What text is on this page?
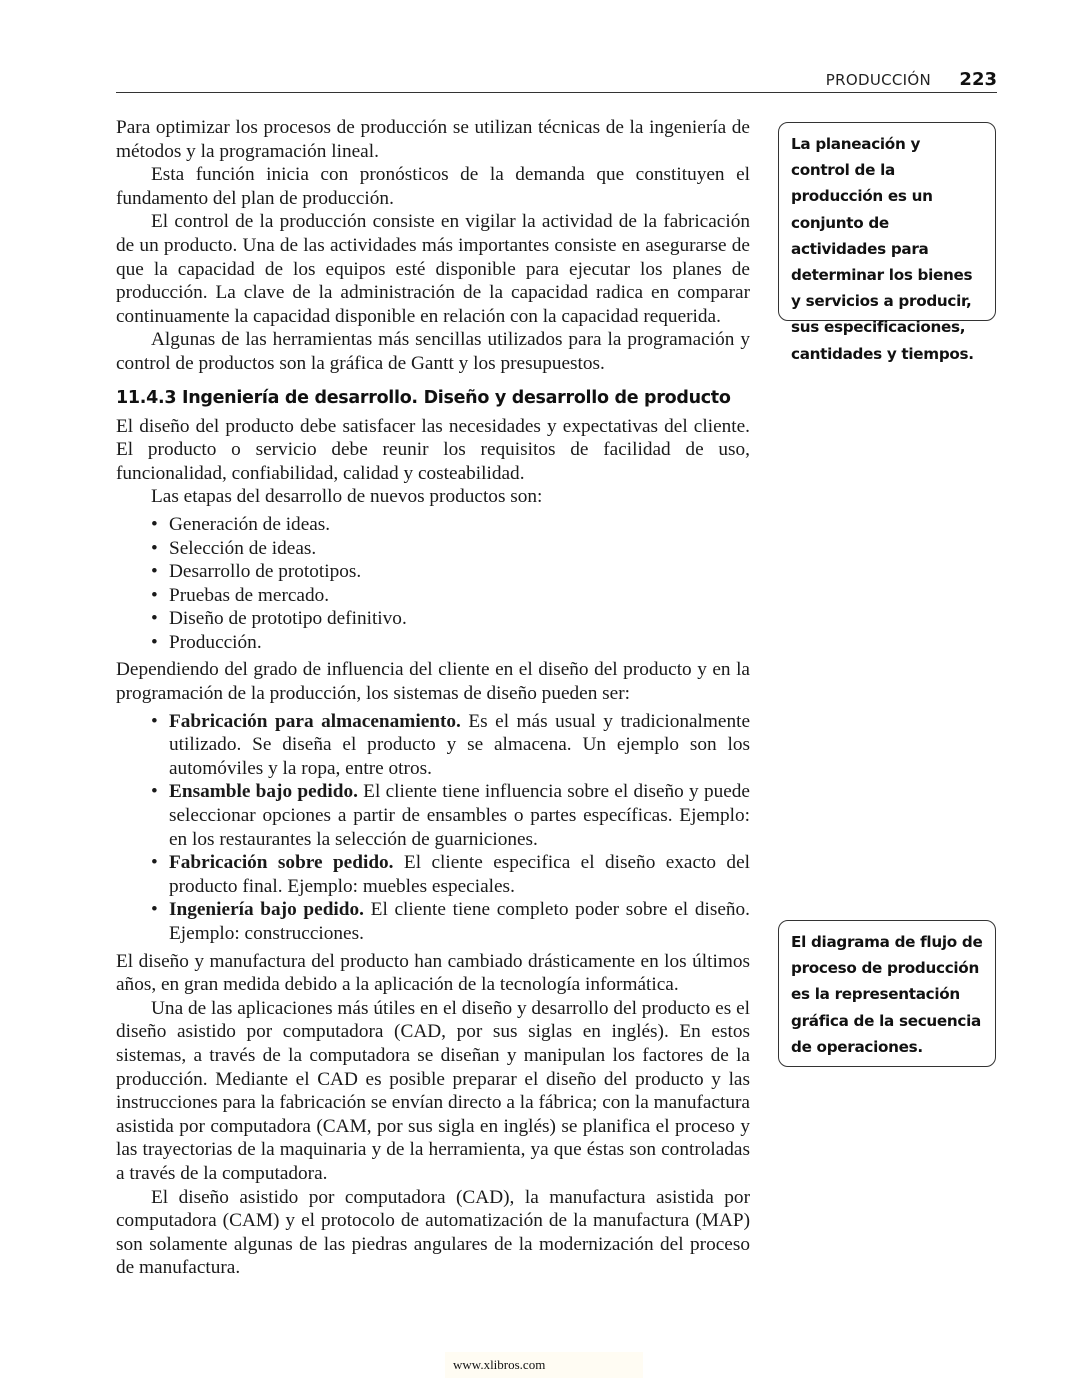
PRODUCCIÓN 223

Para optimizar los procesos de producción se utilizan técnicas de la ingeniería de métodos y la programación lineal.

Esta función inicia con pronósticos de la demanda que constituyen el fundamento del plan de producción.

El control de la producción consiste en vigilar la actividad de la fabricación de un producto. Una de las actividades más importantes consiste en asegurarse de que la capacidad de los equipos esté disponible para ejecutar los planes de producción. La clave de la administración de la capacidad radica en comparar continuamente la capacidad disponible en relación con la capacidad requerida.

Algunas de las herramientas más sencillas utilizados para la programación y control de productos son la gráfica de Gantt y los presupuestos.

11.4.3 Ingeniería de desarrollo. Diseño y desarrollo de producto

El diseño del producto debe satisfacer las necesidades y expectativas del cliente. El producto o servicio debe reunir los requisitos de facilidad de uso, funcionalidad, confiabilidad, calidad y costeabilidad.

Las etapas del desarrollo de nuevos productos son:

• Generación de ideas.
• Selección de ideas.
• Desarrollo de prototipos.
• Pruebas de mercado.
• Diseño de prototipo definitivo.
• Producción.

Dependiendo del grado de influencia del cliente en el diseño del producto y en la programación de la producción, los sistemas de diseño pueden ser:

• Fabricación para almacenamiento. Es el más usual y tradicionalmente utilizado. Se diseña el producto y se almacena. Un ejemplo son los automóviles y la ropa, entre otros.
• Ensamble bajo pedido. El cliente tiene influencia sobre el diseño y puede seleccionar opciones a partir de ensambles o partes específicas. Ejemplo: en los restaurantes la selección de guarniciones.
• Fabricación sobre pedido. El cliente especifica el diseño exacto del producto final. Ejemplo: muebles especiales.
• Ingeniería bajo pedido. El cliente tiene completo poder sobre el diseño. Ejemplo: construcciones.

El diseño y manufactura del producto han cambiado drásticamente en los últimos años, en gran medida debido a la aplicación de la tecnología informática.

Una de las aplicaciones más útiles en el diseño y desarrollo del producto es el diseño asistido por computadora (CAD, por sus siglas en inglés). En estos sistemas, a través de la computadora se diseñan y manipulan los factores de la producción. Mediante el CAD es posible preparar el diseño del producto y las instrucciones para la fabricación se envían directo a la fábrica; con la manufactura asistida por computadora (CAM, por sus sigla en inglés) se planifica el proceso y las trayectorias de la maquinaria y de la herramienta, ya que éstas son controladas a través de la computadora.

El diseño asistido por computadora (CAD), la manufactura asistida por computadora (CAM) y el protocolo de automatización de la manufactura (MAP) son solamente algunas de las piedras angulares de la modernización del proceso de manufactura.

La planeación y control de la producción es un conjunto de actividades para determinar los bienes y servicios a producir, sus especificaciones, cantidades y tiempos.
El diagrama de flujo de proceso de producción es la representación gráfica de la secuencia de operaciones.
www.xlibros.com
